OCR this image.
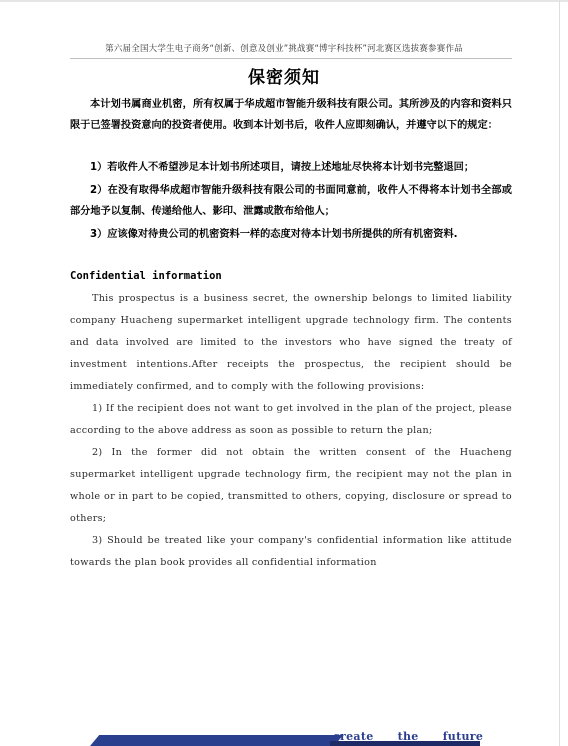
第六届全国大学生电子商务“创新、创意及创业”挑战赛“博宇科技杯”河北赛区选拔赛参赛作品
保密须知
本计划书属商业机密，所有权属于华成超市智能升级科技有限公司。其所涉及的内容和资料只限于已签署投资意向的投资者使用。收到本计划书后，收件人应即刻确认，并遵守以下的规定：
1）若收件人不希望涉足本计划书所述项目，请按上述地址尽快将本计划书完整退回；
2）在没有取得华成超市智能升级科技有限公司的书面同意前，收件人不得将本计划书全部或部分地予以复制、传递给他人、影印、泄露或散布给他人；
3）应该像对待贵公司的机密资料一样的态度对待本计划书所提供的所有机密资料.
Confidential information
This prospectus is a business secret, the ownership belongs to limited liability company Huacheng supermarket intelligent upgrade technology firm. The contents and data involved are limited to the investors who have signed the treaty of investment intentions.After receipts the prospectus, the recipient should be immediately confirmed, and to comply with the following provisions:
1) If the recipient does not want to get involved in the plan of the project, please according to the above address as soon as possible to return the plan;
2) In the former did not obtain the written consent of the Huacheng supermarket intelligent upgrade technology firm, the recipient may not the plan in whole or in part to be copied, transmitted to others, copying, disclosure or spread to others;
3) Should be treated like your company's confidential information like attitude towards the plan book provides all confidential information
create the future
